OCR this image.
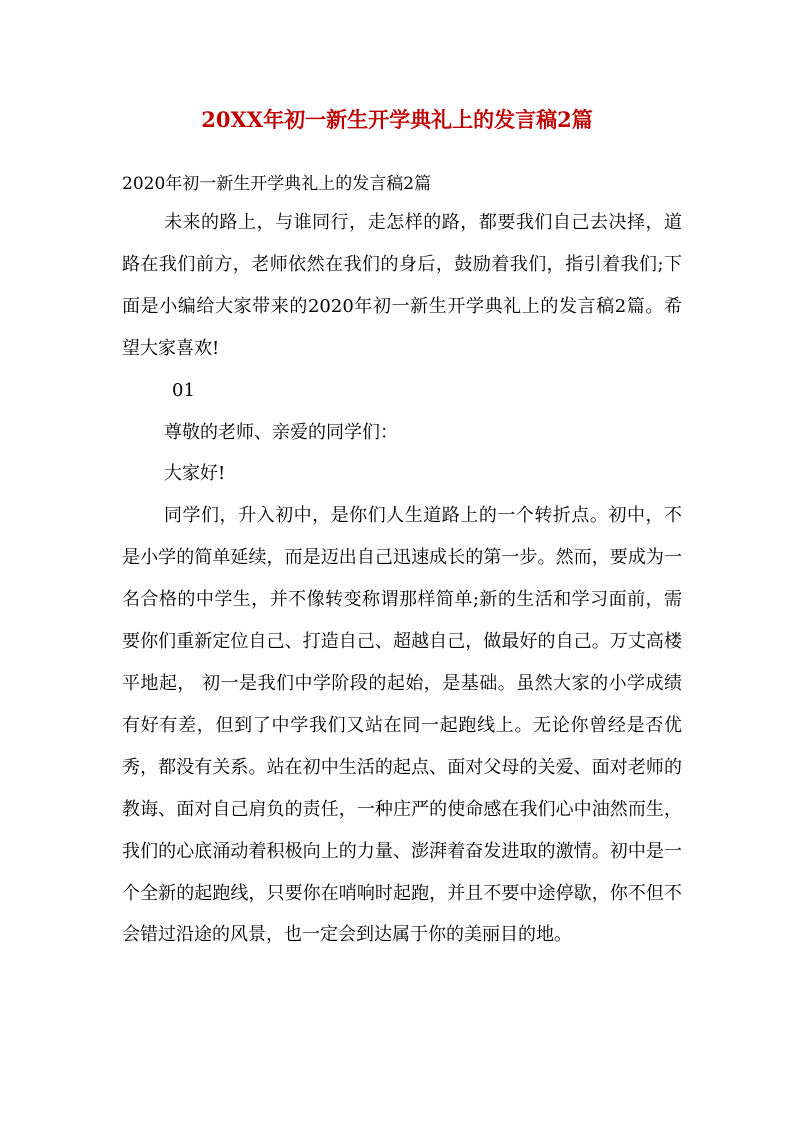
20XX年初一新生开学典礼上的发言稿2篇
2020年初一新生开学典礼上的发言稿2篇

未来的路上，与谁同行，走怎样的路，都要我们自己去决择，道路在我们前方，老师依然在我们的身后，鼓励着我们，指引着我们;下面是小编给大家带来的2020年初一新生开学典礼上的发言稿2篇。希望大家喜欢!

01

尊敬的老师、亲爱的同学们：

大家好!

同学们，升入初中，是你们人生道路上的一个转折点。初中，不是小学的简单延续，而是迈出自己迅速成长的第一步。然而，要成为一名合格的中学生，并不像转变称谓那样简单;新的生活和学习面前，需要你们重新定位自己、打造自己、超越自己，做最好的自己。万丈高楼平地起， 初一是我们中学阶段的起始，是基础。虽然大家的小学成绩有好有差，但到了中学我们又站在同一起跑线上。无论你曾经是否优秀，都没有关系。站在初中生活的起点、面对父母的关爱、面对老师的教诲、面对自己肩负的责任，一种庄严的使命感在我们心中油然而生，我们的心底涌动着积极向上的力量、澎湃着奋发进取的激情。初中是一个全新的起跑线，只要你在哨响时起跑，并且不要中途停歇，你不但不会错过沿途的风景，也一定会到达属于你的美丽目的地。
